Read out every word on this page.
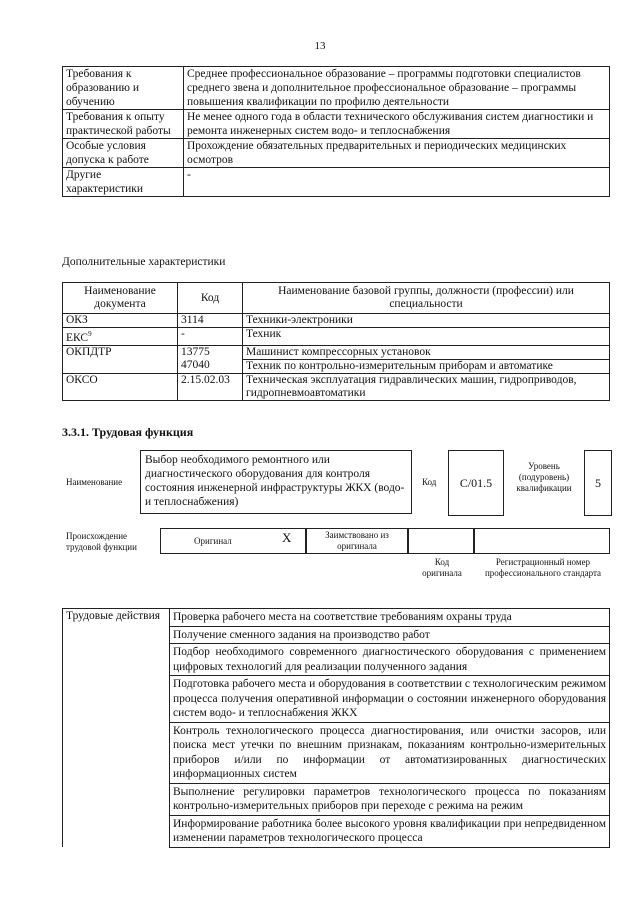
13
Требования к образованию и обучению	Среднее профессиональное образование – программы подготовки специалистов среднего звена и дополнительное профессиональное образование – программы повышения квалификации по профилю деятельности
Требования к опыту практической работы	Не менее одного года в области технического обслуживания систем диагностики и ремонта инженерных систем водо- и теплоснабжения
Особые условия допуска к работе	Прохождение обязательных предварительных и периодических медицинских осмотров
Другие характеристики	-
Дополнительные характеристики
Наименование документа	Код	Наименование базовой группы, должности (профессии) или специальности
ОКЗ	3114	Техники-электроники
ЕКС$^9$	-	Техник
ОКПДТР	13775	Машинист компрессорных установок
	47040	Техник по контрольно-измерительным приборам и автоматике
ОКСО	2.15.02.03	Техническая эксплуатация гидравлических машин, гидроприводов, гидропневмоавтоматики
3.3.1. Трудовая функция
Наименование
Выбор необходимого ремонтного или диагностического оборудования для контроля состояния инженерной инфраструктуры ЖКХ (водо- и теплоснабжения)
Код	C/01.5
Уровень (подуровень) квалификации	5
Происхождение трудовой функции
Оригинал	X	Заимствовано из оригинала
Код оригинала
Регистрационный номер профессионального стандарта
Трудовые действия	Проверка рабочего места на соответствие требованиям охраны труда
Получение сменного задания на производство работ
Подбор необходимого современного диагностического оборудования с применением цифровых технологий для реализации полученного задания
Подготовка рабочего места и оборудования в соответствии с технологическим режимом процесса получения оперативной информации о состоянии инженерного оборудования систем водо- и теплоснабжения ЖКХ
Контроль технологического процесса диагностирования, или очистки засоров, или поиска мест утечки по внешним признакам, показаниям контрольно-измерительных приборов и/или по информации от автоматизированных диагностических информационных систем
Выполнение регулировки параметров технологического процесса по показаниям контрольно-измерительных приборов при переходе с режима на режим
Информирование работника более высокого уровня квалификации при непредвиденном изменении параметров технологического процесса
